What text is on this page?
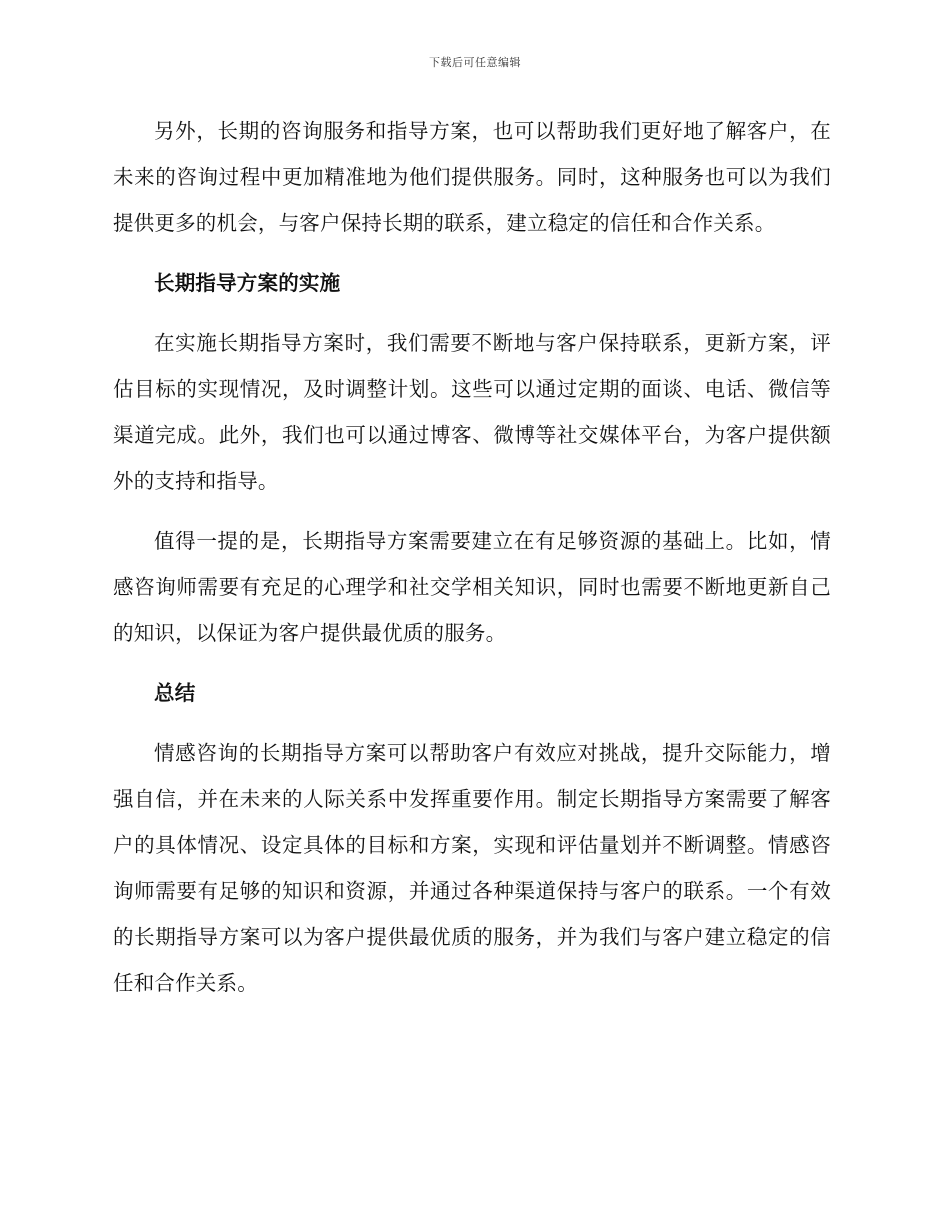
下载后可任意编辑

另外，长期的咨询服务和指导方案，也可以帮助我们更好地了解客户，在未来的咨询过程中更加精准地为他们提供服务。同时，这种服务也可以为我们提供更多的机会，与客户保持长期的联系，建立稳定的信任和合作关系。

长期指导方案的实施

在实施长期指导方案时，我们需要不断地与客户保持联系，更新方案，评估目标的实现情况，及时调整计划。这些可以通过定期的面谈、电话、微信等渠道完成。此外，我们也可以通过博客、微博等社交媒体平台，为客户提供额外的支持和指导。

值得一提的是，长期指导方案需要建立在有足够资源的基础上。比如，情感咨询师需要有充足的心理学和社交学相关知识，同时也需要不断地更新自己的知识，以保证为客户提供最优质的服务。

总结

情感咨询的长期指导方案可以帮助客户有效应对挑战，提升交际能力，增强自信，并在未来的人际关系中发挥重要作用。制定长期指导方案需要了解客户的具体情况、设定具体的目标和方案，实现和评估量划并不断调整。情感咨询师需要有足够的知识和资源，并通过各种渠道保持与客户的联系。一个有效的长期指导方案可以为客户提供最优质的服务，并为我们与客户建立稳定的信任和合作关系。
